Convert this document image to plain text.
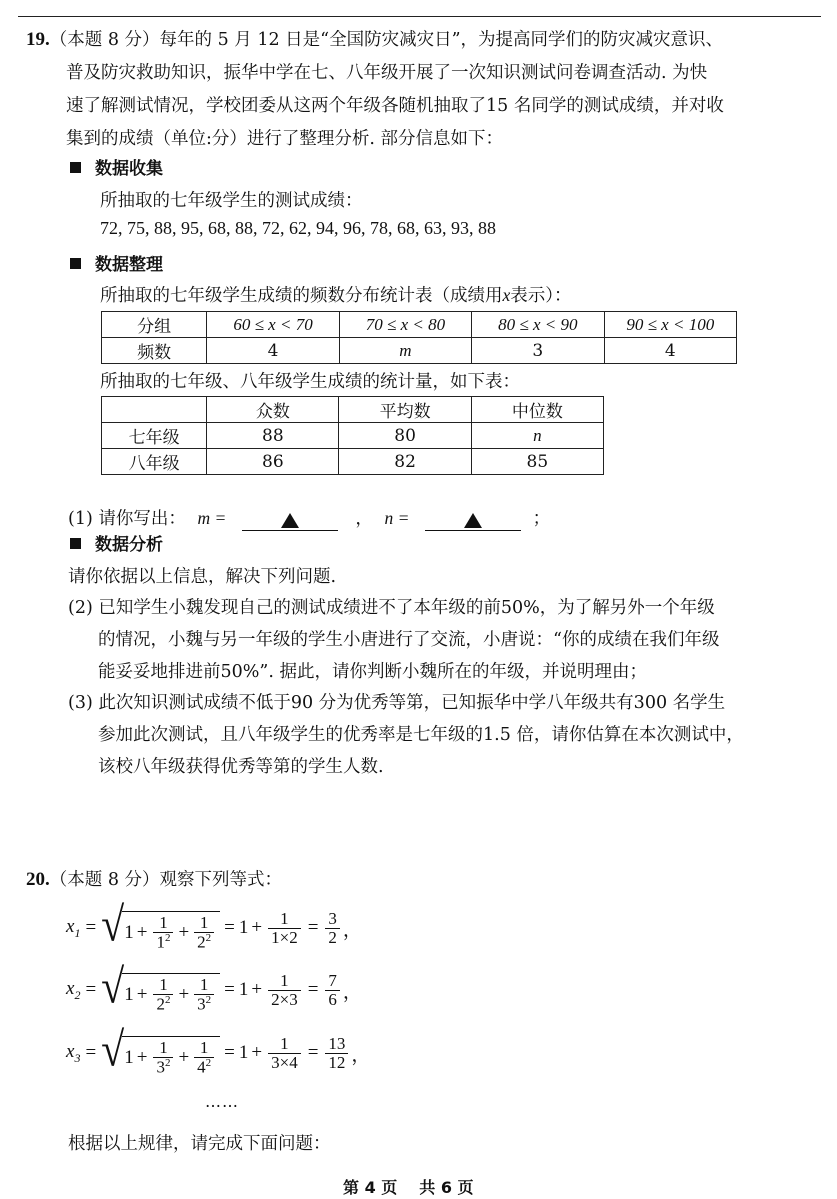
19.（本题 8 分）每年的 5 月 12 日是“全国防灾减灾日”，为提高同学们的防灾减灾意识、
普及防灾救助知识，振华中学在七、八年级开展了一次知识测试问卷调查活动. 为快
速了解测试情况，学校团委从这两个年级各随机抽取了15 名同学的测试成绩，并对收
集到的成绩（单位:分）进行了整理分析. 部分信息如下：
数据收集
所抽取的七年级学生的测试成绩：
72, 75, 88, 95, 68, 88, 72, 62, 94, 96, 78, 68, 63, 93, 88
数据整理
所抽取的七年级学生成绩的频数分布统计表（成绩用x表示）：
分组	60 ≤ x < 70	70 ≤ x < 80	80 ≤ x < 90	90 ≤ x < 100
频数	4	m	3	4
所抽取的七年级、八年级学生成绩的统计量，如下表：
	众数	平均数	中位数
七年级	88	80	n
八年级	86	82	85
(1) 请你写出： m =	， n =	；
数据分析
请你依据以上信息，解决下列问题.
(2) 已知学生小魏发现自己的测试成绩进不了本年级的前50%，为了解另外一个年级
的情况，小魏与另一年级的学生小唐进行了交流，小唐说：“你的成绩在我们年级
能妥妥地排进前50%”. 据此，请你判断小魏所在的年级，并说明理由；
(3) 此次知识测试成绩不低于90 分为优秀等第，已知振华中学八年级共有300 名学生
参加此次测试，且八年级学生的优秀率是七年级的1.5 倍，请你估算在本次测试中，
该校八年级获得优秀等第的学生人数.
20.（本题 8 分）观察下列等式：
$x_1$ = √ $1 + \frac{1}{1^2} + \frac{1}{2^2} = 1 + \frac{1}{1\times 2} = \frac{3}{2}$ ，
$x_2$ = √ $1 + \frac{1}{2^2} + \frac{1}{3^2} = 1 + \frac{1}{2\times 3} = \frac{7}{6}$ ，
$x_3$ = √ $1 + \frac{1}{3^2} + \frac{1}{4^2} = 1 + \frac{1}{3\times 4} = \frac{13}{12}$ ，
……
根据以上规律，请完成下面问题：
第 4 页 共 6 页
